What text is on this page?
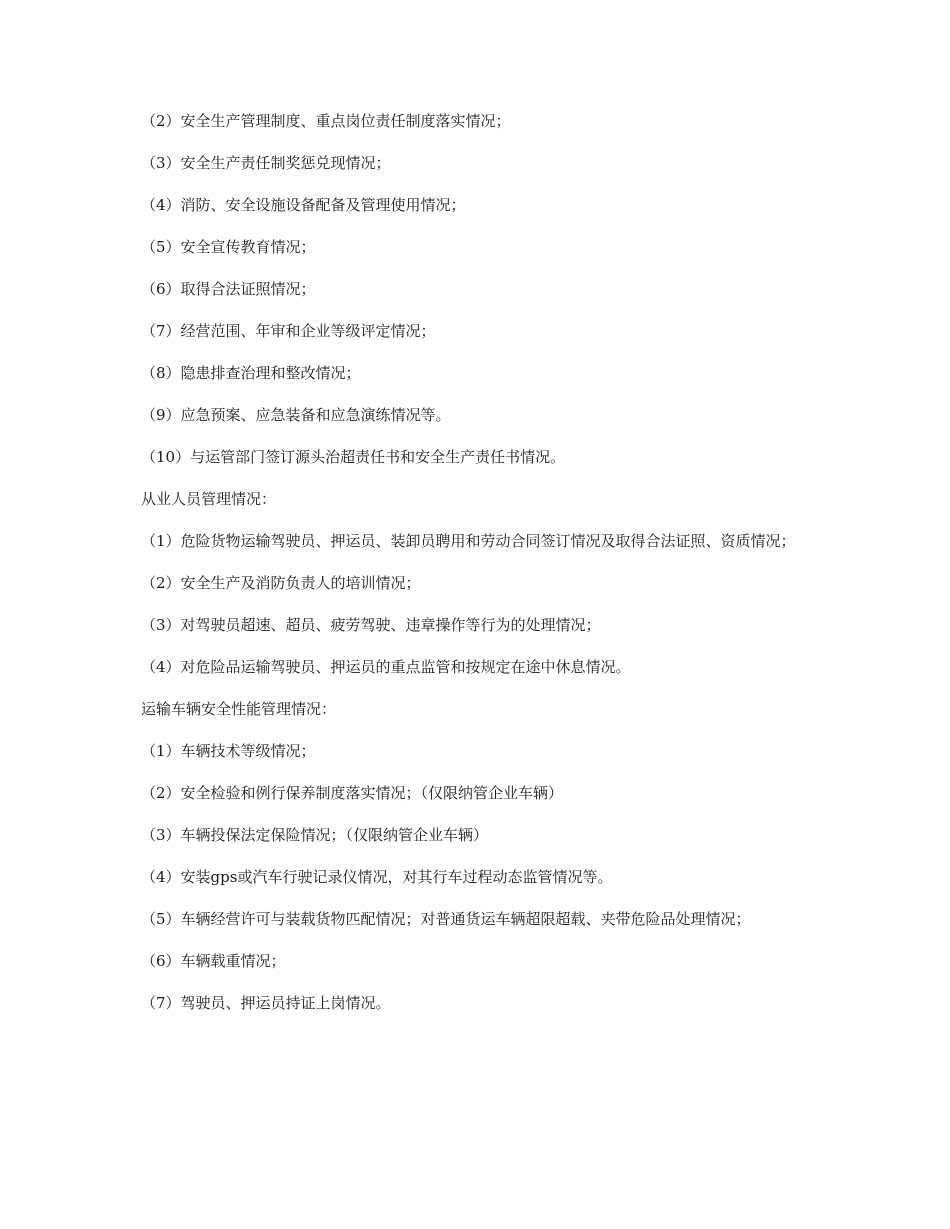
（2）安全生产管理制度、重点岗位责任制度落实情况；

（3）安全生产责任制奖惩兑现情况；

（4）消防、安全设施设备配备及管理使用情况；

（5）安全宣传教育情况；

（6）取得合法证照情况；

（7）经营范围、年审和企业等级评定情况；

（8）隐患排查治理和整改情况；

（9）应急预案、应急装备和应急演练情况等。

（10）与运管部门签订源头治超责任书和安全生产责任书情况。

从业人员管理情况：

（1）危险货物运输驾驶员、押运员、装卸员聘用和劳动合同签订情况及取得合法证照、资质情况；

（2）安全生产及消防负责人的培训情况；

（3）对驾驶员超速、超员、疲劳驾驶、违章操作等行为的处理情况；

（4）对危险品运输驾驶员、押运员的重点监管和按规定在途中休息情况。

运输车辆安全性能管理情况：

（1）车辆技术等级情况；

（2）安全检验和例行保养制度落实情况；（仅限纳管企业车辆）

（3）车辆投保法定保险情况；（仅限纳管企业车辆）

（4）安装gps或汽车行驶记录仪情况，对其行车过程动态监管情况等。

（5）车辆经营许可与装载货物匹配情况；对普通货运车辆超限超载、夹带危险品处理情况；

（6）车辆载重情况；

（7）驾驶员、押运员持证上岗情况。
